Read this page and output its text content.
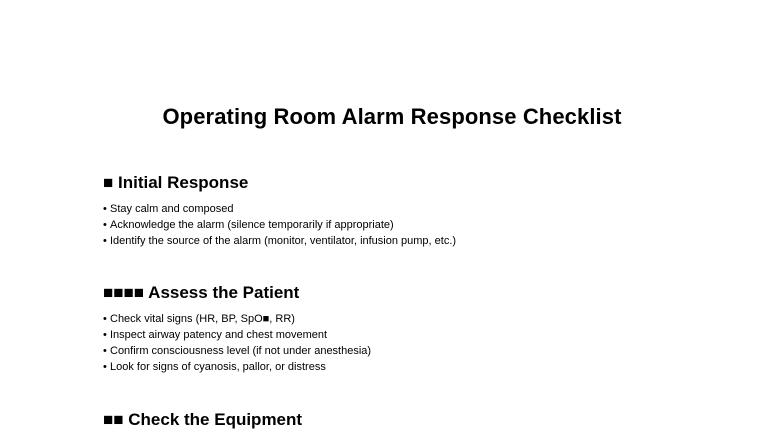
Operating Room Alarm Response Checklist
■ Initial Response
• Stay calm and composed
• Acknowledge the alarm (silence temporarily if appropriate)
• Identify the source of the alarm (monitor, ventilator, infusion pump, etc.)
■■■■ Assess the Patient
• Check vital signs (HR, BP, SpO■, RR)
• Inspect airway patency and chest movement
• Confirm consciousness level (if not under anesthesia)
• Look for signs of cyanosis, pallor, or distress
■■ Check the Equipment
